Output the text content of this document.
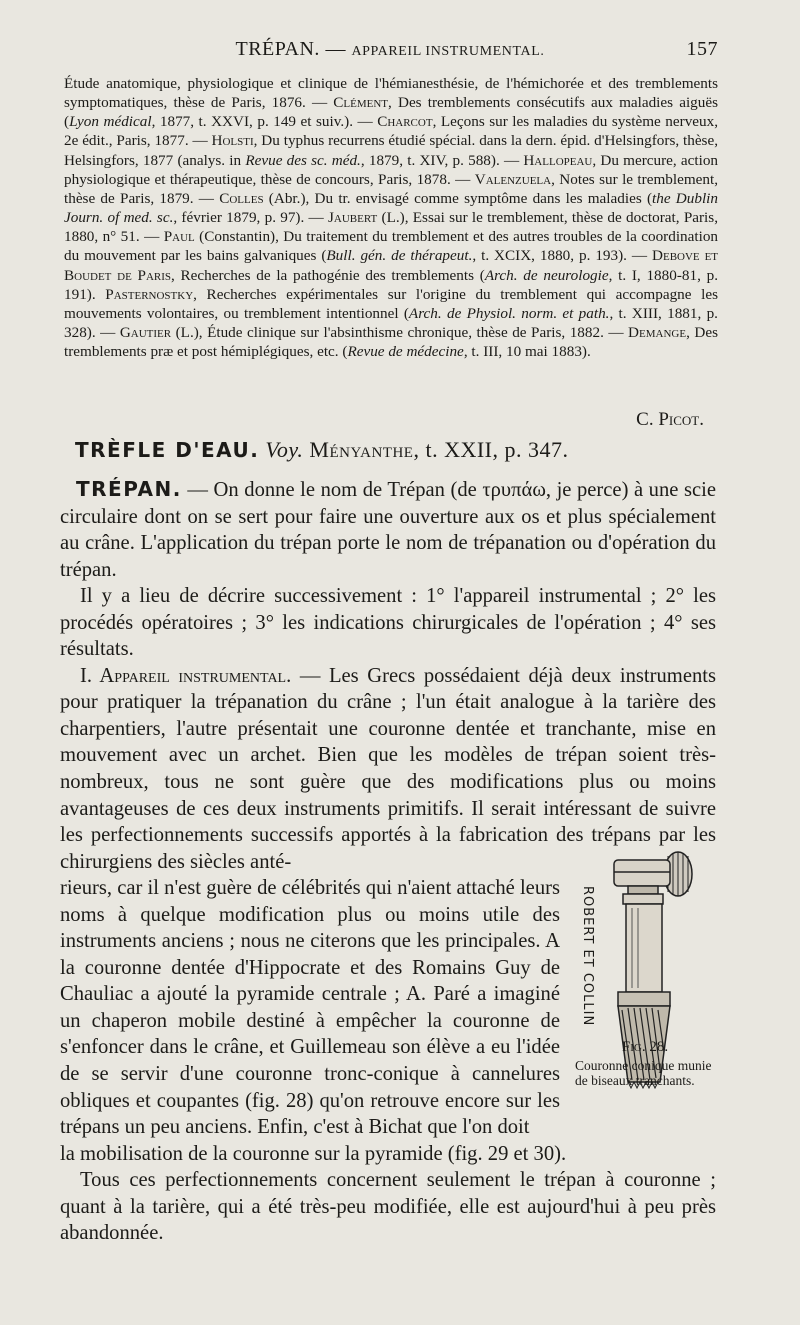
TRÉPAN. — APPAREIL INSTRUMENTAL.	157

Étude anatomique, physiologique et clinique de l'hémianesthésie, de l'hémichorée et des tremblements symptomatiques, thèse de Paris, 1876. — Clément, Des tremblements consécutifs aux maladies aiguës (Lyon médical, 1877, t. XXVI, p. 149 et suiv.). — Charcot, Leçons sur les maladies du système nerveux, 2e édit., Paris, 1877. — Holsti, Du typhus recurrens étudié spécial. dans la dern. épid. d'Helsingfors, thèse, Helsingfors, 1877 (analys. in Revue des sc. méd., 1879, t. XIV, p. 588). — Hallopeau, Du mercure, action physiologique et thérapeutique, thèse de concours, Paris, 1878. — Valenzuela, Notes sur le tremblement, thèse de Paris, 1879. — Colles (Abr.), Du tr. envisagé comme symptôme dans les maladies (the Dublin Journ. of med. sc., février 1879, p. 97). — Jaubert (L.), Essai sur le tremblement, thèse de doctorat, Paris, 1880, n° 51. — Paul (Constantin), Du traitement du tremblement et des autres troubles de la coordination du mouvement par les bains galvaniques (Bull. gén. de thérapeut., t. XCIX, 1880, p. 193). — Debove et Boudet de Paris, Recherches de la pathogénie des tremblements (Arch. de neurologie, t. I, 1880-81, p. 191). Pasternostky, Recherches expérimentales sur l'origine du tremblement qui accompagne les mouvements volontaires, ou tremblement intentionnel (Arch. de Physiol. norm. et path., t. XIII, 1881, p. 328). — Gautier (L.), Étude clinique sur l'absinthisme chronique, thèse de Paris, 1882. — Demange, Des tremblements præ et post hémiplégiques, etc. (Revue de médecine, t. III, 10 mai 1883).

C. Picot.
TRÈFLE D'EAU. Voy. Ményanthe, t. XXII, p. 347.

TRÉPAN. — On donne le nom de Trépan (de τρυπάω, je perce) à une scie circulaire dont on se sert pour faire une ouverture aux os et plus spécialement au crâne. L'application du trépan porte le nom de trépanation ou d'opération du trépan.

Il y a lieu de décrire successivement : 1° l'appareil instrumental ; 2° les procédés opératoires ; 3° les indications chirurgicales de l'opération ; 4° ses résultats.

I. Appareil instrumental. — Les Grecs possédaient déjà deux instruments pour pratiquer la trépanation du crâne ; l'un était analogue à la tarière des charpentiers, l'autre présentait une couronne dentée et tranchante, mise en mouvement avec un archet. Bien que les modèles de trépan soient très-nombreux, tous ne sont guère que des modifications plus ou moins avantageuses de ces deux instruments primitifs. Il serait intéressant de suivre les perfectionnements successifs apportés à la fabrication des trépans par les chirurgiens des siècles anté-

rieurs, car il n'est guère de célébrités qui n'aient attaché leurs noms à quelque modification plus ou moins utile des instruments anciens ; nous ne citerons que les principales. A la couronne dentée d'Hippocrate et des Romains Guy de Chauliac a ajouté la pyramide centrale ; A. Paré a imaginé un chaperon mobile destiné à empêcher la couronne de s'enfoncer dans le crâne, et Guillemeau son élève a eu l'idée de se servir d'une couronne tronc-conique à cannelures obliques et coupantes (fig. 28) qu'on retrouve encore sur les trépans un peu anciens. Enfin, c'est à Bichat que l'on doit
la mobilisation de la couronne sur la pyramide (fig. 29 et 30).

Tous ces perfectionnements concernent seulement le trépan à couronne ; quant à la tarière, qui a été très-peu modifiée, elle est aujourd'hui à peu près abandonnée.

ROBERT ET COLLIN
Fig. 28.
Couronne conique munie de biseaux tranchants.
